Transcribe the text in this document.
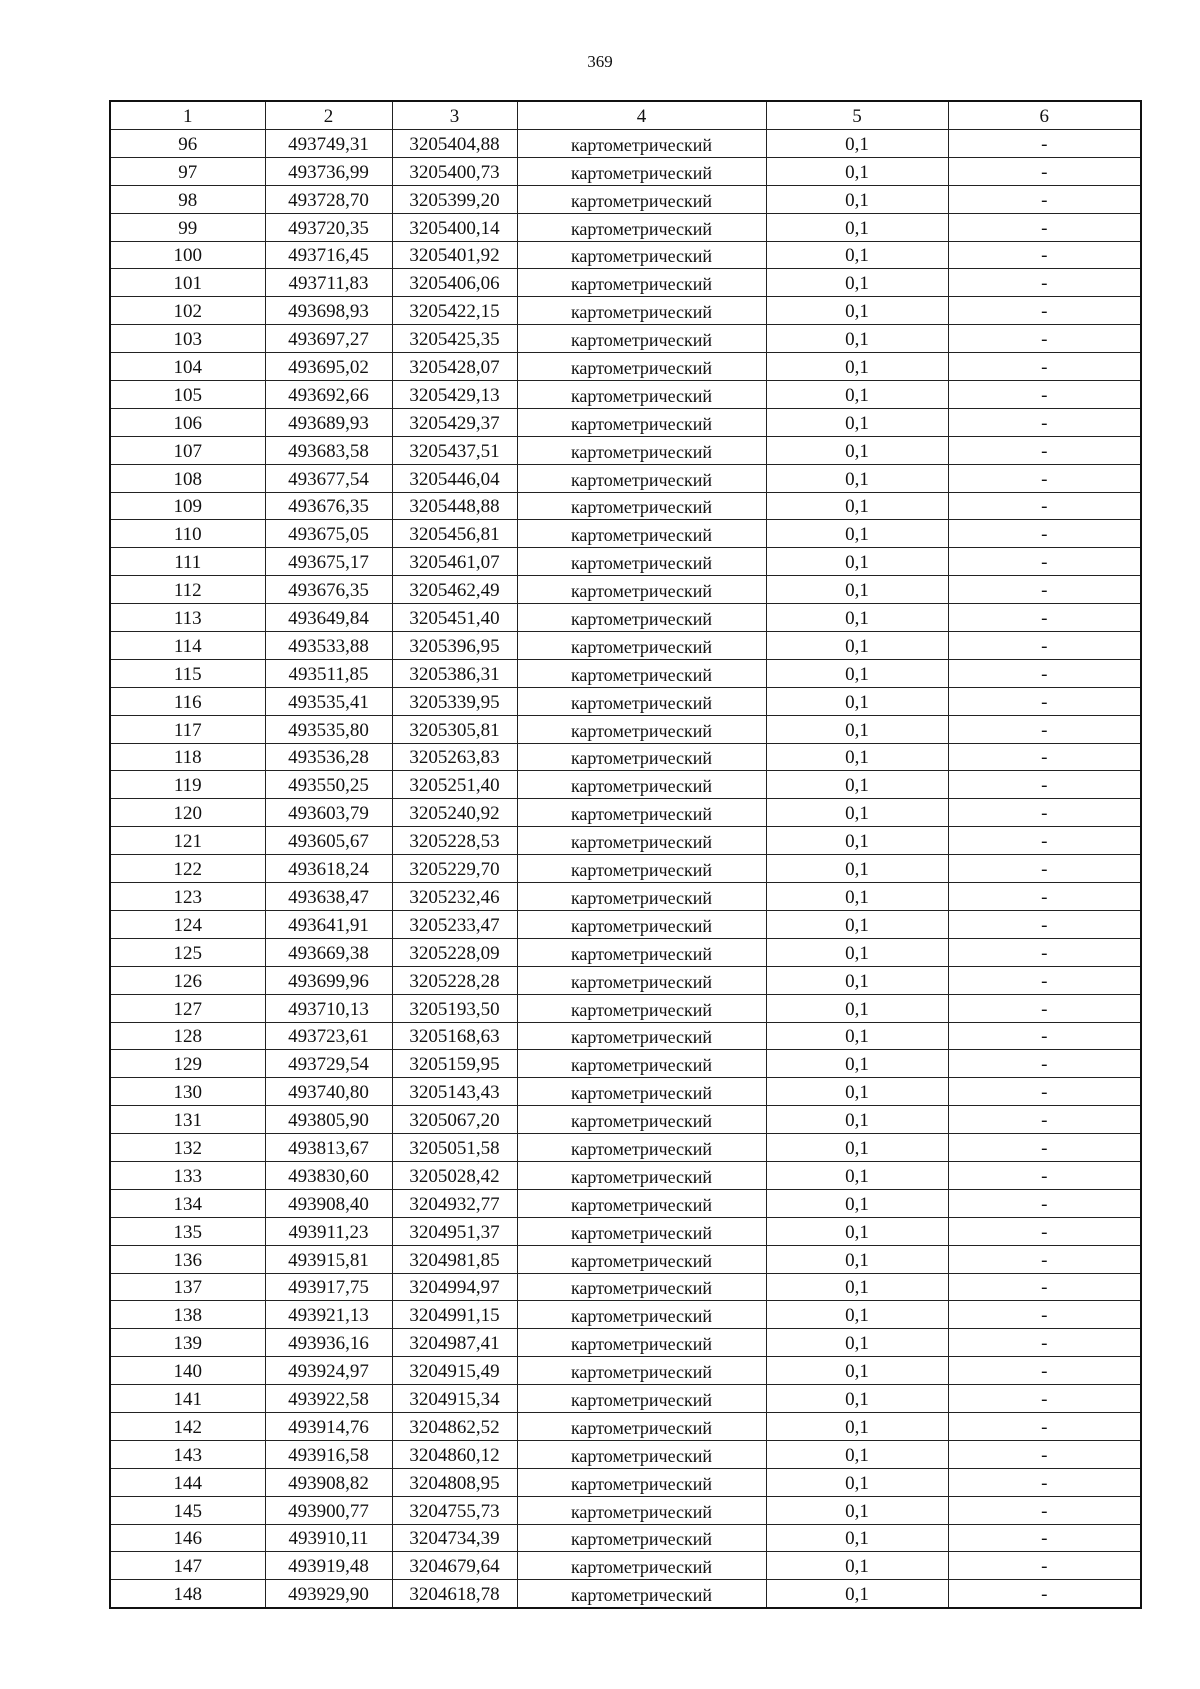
369
1	2	3	4	5	6
96	493749,31	3205404,88	картометрический	0,1	-
97	493736,99	3205400,73	картометрический	0,1	-
98	493728,70	3205399,20	картометрический	0,1	-
99	493720,35	3205400,14	картометрический	0,1	-
100	493716,45	3205401,92	картометрический	0,1	-
101	493711,83	3205406,06	картометрический	0,1	-
102	493698,93	3205422,15	картометрический	0,1	-
103	493697,27	3205425,35	картометрический	0,1	-
104	493695,02	3205428,07	картометрический	0,1	-
105	493692,66	3205429,13	картометрический	0,1	-
106	493689,93	3205429,37	картометрический	0,1	-
107	493683,58	3205437,51	картометрический	0,1	-
108	493677,54	3205446,04	картометрический	0,1	-
109	493676,35	3205448,88	картометрический	0,1	-
110	493675,05	3205456,81	картометрический	0,1	-
111	493675,17	3205461,07	картометрический	0,1	-
112	493676,35	3205462,49	картометрический	0,1	-
113	493649,84	3205451,40	картометрический	0,1	-
114	493533,88	3205396,95	картометрический	0,1	-
115	493511,85	3205386,31	картометрический	0,1	-
116	493535,41	3205339,95	картометрический	0,1	-
117	493535,80	3205305,81	картометрический	0,1	-
118	493536,28	3205263,83	картометрический	0,1	-
119	493550,25	3205251,40	картометрический	0,1	-
120	493603,79	3205240,92	картометрический	0,1	-
121	493605,67	3205228,53	картометрический	0,1	-
122	493618,24	3205229,70	картометрический	0,1	-
123	493638,47	3205232,46	картометрический	0,1	-
124	493641,91	3205233,47	картометрический	0,1	-
125	493669,38	3205228,09	картометрический	0,1	-
126	493699,96	3205228,28	картометрический	0,1	-
127	493710,13	3205193,50	картометрический	0,1	-
128	493723,61	3205168,63	картометрический	0,1	-
129	493729,54	3205159,95	картометрический	0,1	-
130	493740,80	3205143,43	картометрический	0,1	-
131	493805,90	3205067,20	картометрический	0,1	-
132	493813,67	3205051,58	картометрический	0,1	-
133	493830,60	3205028,42	картометрический	0,1	-
134	493908,40	3204932,77	картометрический	0,1	-
135	493911,23	3204951,37	картометрический	0,1	-
136	493915,81	3204981,85	картометрический	0,1	-
137	493917,75	3204994,97	картометрический	0,1	-
138	493921,13	3204991,15	картометрический	0,1	-
139	493936,16	3204987,41	картометрический	0,1	-
140	493924,97	3204915,49	картометрический	0,1	-
141	493922,58	3204915,34	картометрический	0,1	-
142	493914,76	3204862,52	картометрический	0,1	-
143	493916,58	3204860,12	картометрический	0,1	-
144	493908,82	3204808,95	картометрический	0,1	-
145	493900,77	3204755,73	картометрический	0,1	-
146	493910,11	3204734,39	картометрический	0,1	-
147	493919,48	3204679,64	картометрический	0,1	-
148	493929,90	3204618,78	картометрический	0,1	-
